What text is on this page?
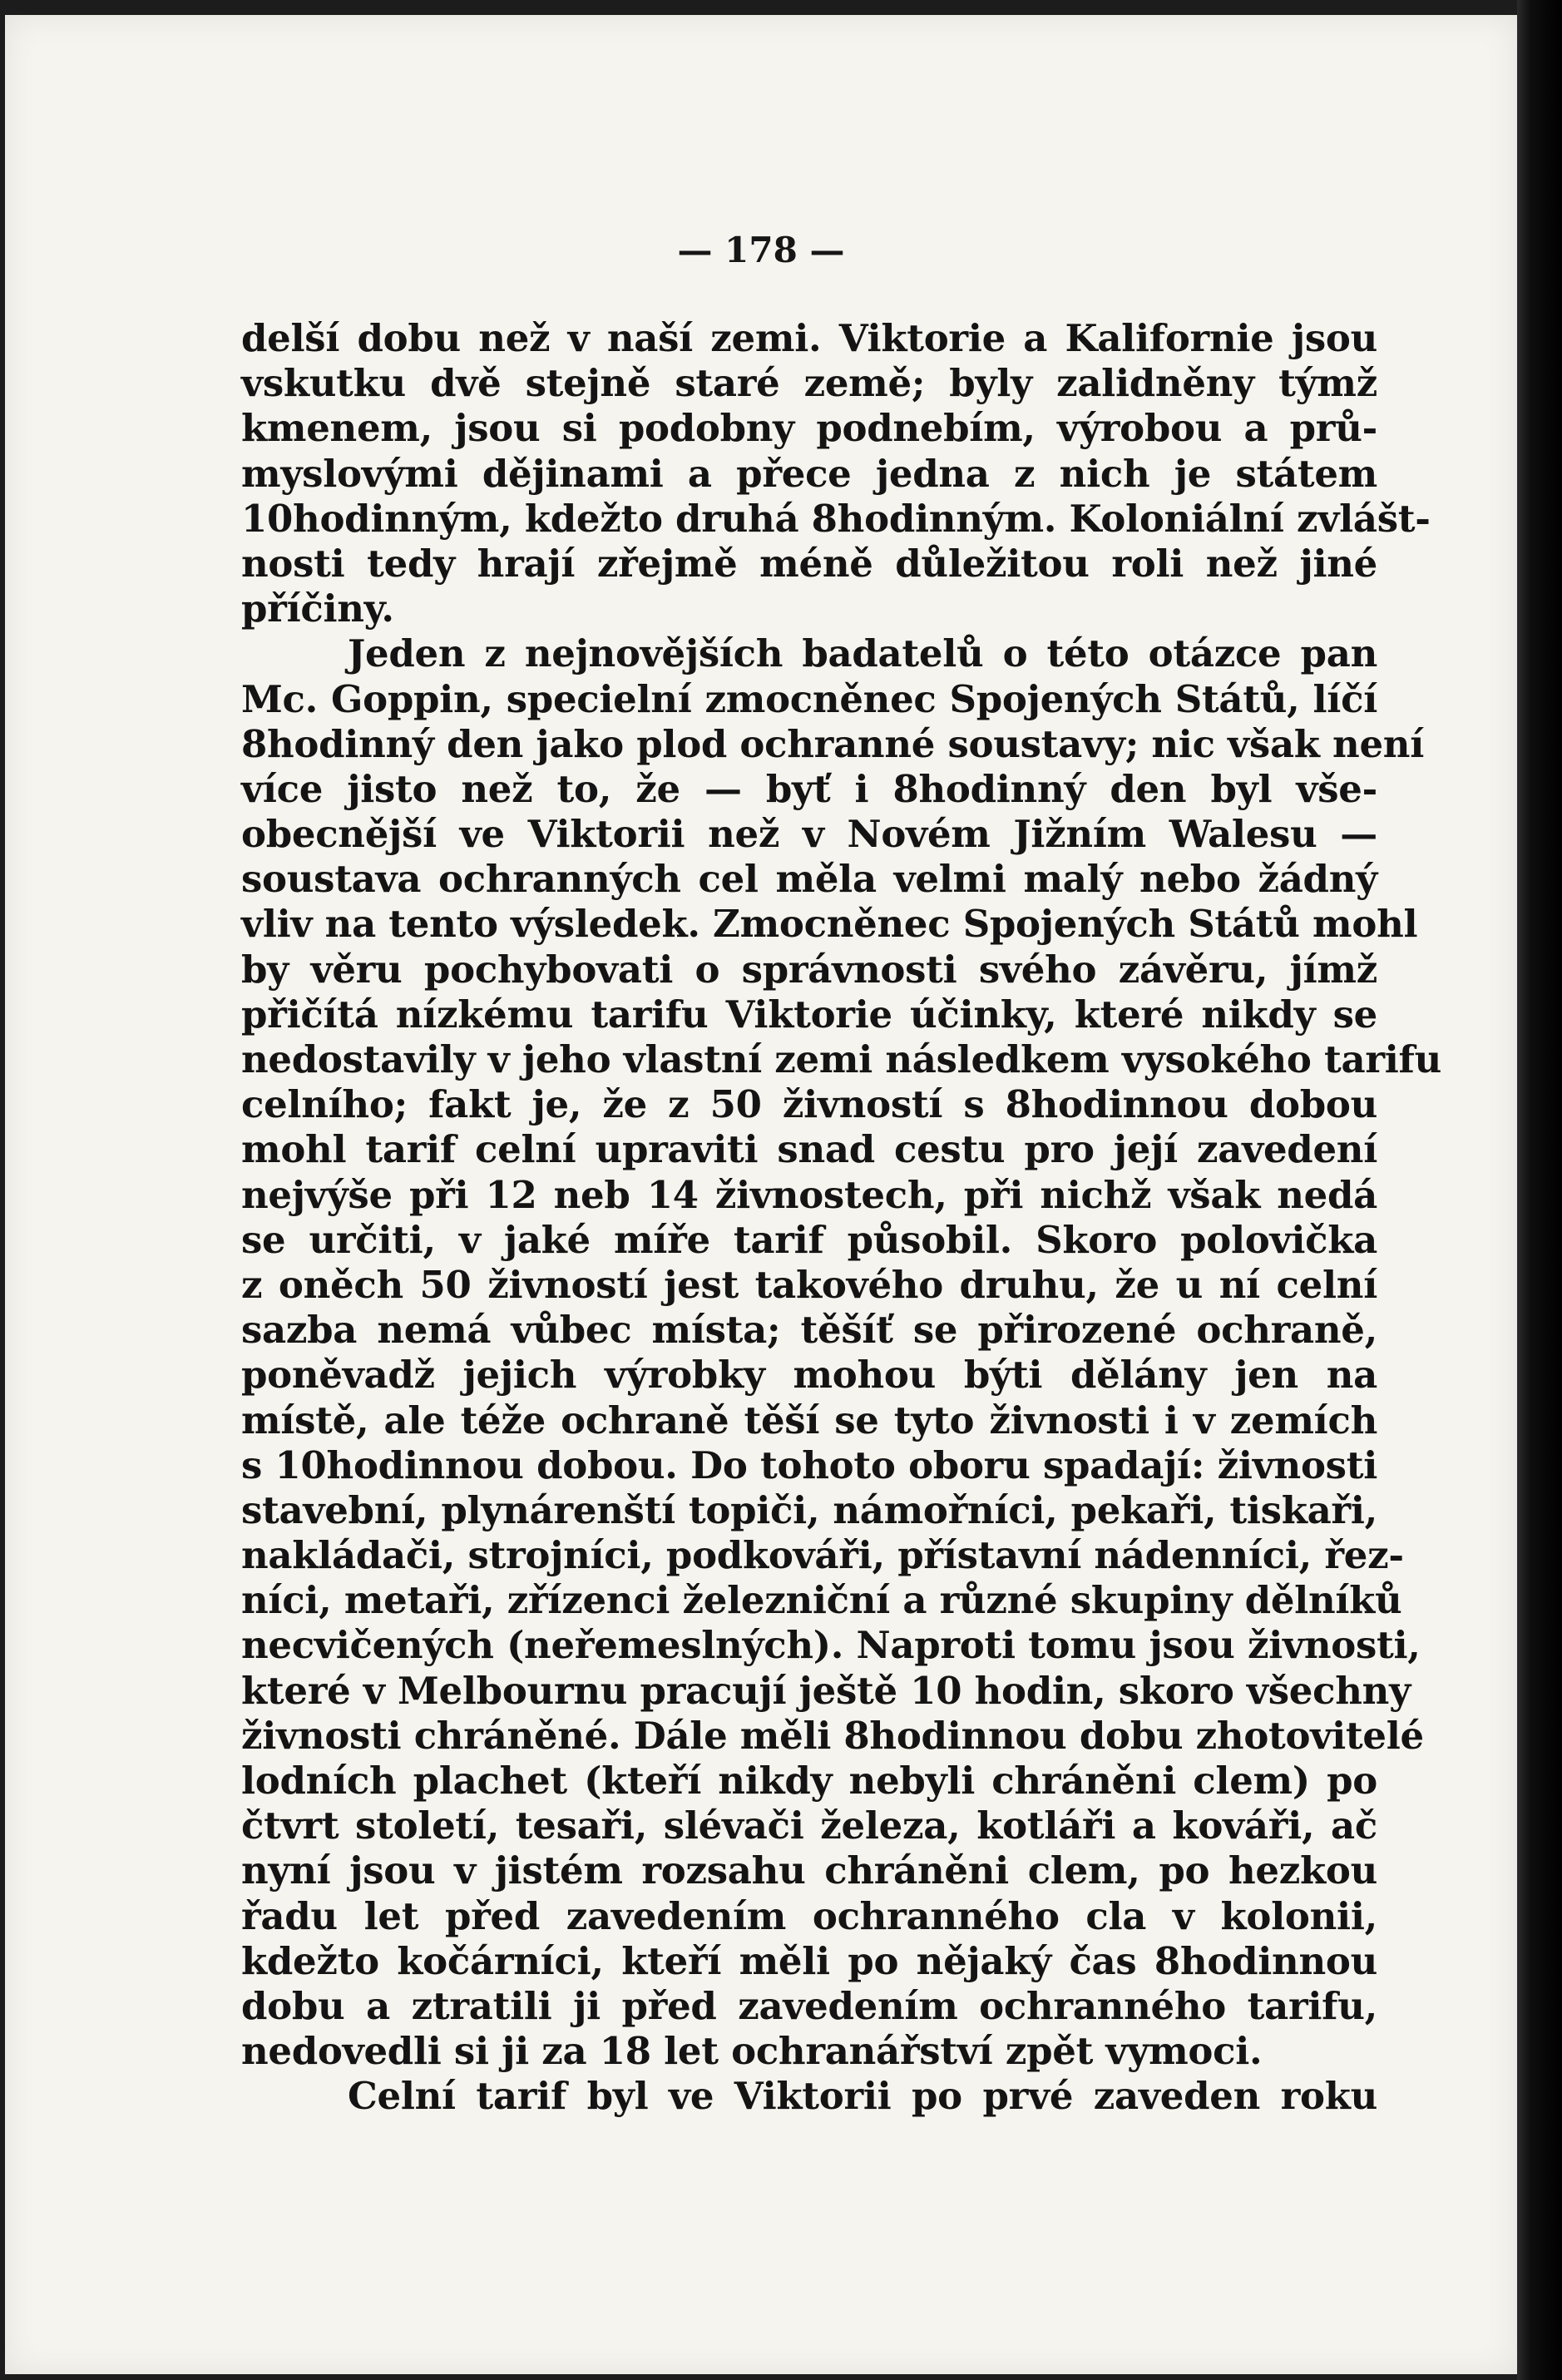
— 178 —
delší dobu než v naší zemi. Viktorie a Kalifornie jsou
vskutku dvě stejně staré země; byly zalidněny týmž
kmenem, jsou si podobny podnebím, výrobou a prů-
myslovými dějinami a přece jedna z nich je státem
10hodinným, kdežto druhá 8hodinným. Koloniální zvlášt-
nosti tedy hrají zřejmě méně důležitou roli než jiné
příčiny.
Jeden z nejnovějších badatelů o této otázce pan
Mc. Goppin, specielní zmocněnec Spojených Států, líčí
8hodinný den jako plod ochranné soustavy; nic však není
více jisto než to, že — byť i 8hodinný den byl vše-
obecnější ve Viktorii než v Novém Jižním Walesu —
soustava ochranných cel měla velmi malý nebo žádný
vliv na tento výsledek. Zmocněnec Spojených Států mohl
by věru pochybovati o správnosti svého závěru, jímž
přičítá nízkému tarifu Viktorie účinky, které nikdy se
nedostavily v jeho vlastní zemi následkem vysokého tarifu
celního; fakt je, že z 50 živností s 8hodinnou dobou
mohl tarif celní upraviti snad cestu pro její zavedení
nejvýše při 12 neb 14 živnostech, při nichž však nedá
se určiti, v jaké míře tarif působil. Skoro polovička
z oněch 50 živností jest takového druhu, že u ní celní
sazba nemá vůbec místa; těšíť se přirozené ochraně,
poněvadž jejich výrobky mohou býti dělány jen na
místě, ale téže ochraně těší se tyto živnosti i v zemích
s 10hodinnou dobou. Do tohoto oboru spadají: živnosti
stavební, plynárenští topiči, námořníci, pekaři, tiskaři,
nakládači, strojníci, podkováři, přístavní nádenníci, řez-
níci, metaři, zřízenci železniční a různé skupiny dělníků
necvičených (neřemeslných). Naproti tomu jsou živnosti,
které v Melbournu pracují ještě 10 hodin, skoro všechny
živnosti chráněné. Dále měli 8hodinnou dobu zhotovitelé
lodních plachet (kteří nikdy nebyli chráněni clem) po
čtvrt století, tesaři, slévači železa, kotláři a kováři, ač
nyní jsou v jistém rozsahu chráněni clem, po hezkou
řadu let před zavedením ochranného cla v kolonii,
kdežto kočárníci, kteří měli po nějaký čas 8hodinnou
dobu a ztratili ji před zavedením ochranného tarifu,
nedovedli si ji za 18 let ochranářství zpět vymoci.
Celní tarif byl ve Viktorii po prvé zaveden roku
